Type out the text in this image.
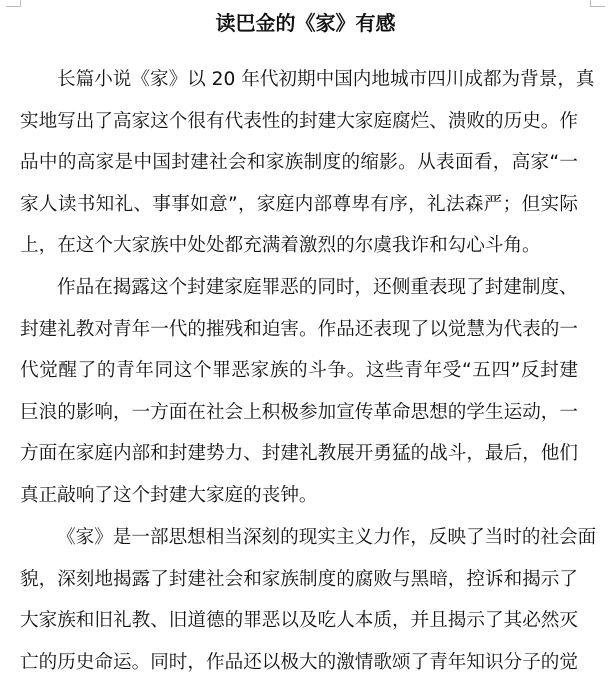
读巴金的《家》有感
长篇小说《家》以 20 年代初期中国内地城市四川成都为背景，真
实地写出了高家这个很有代表性的封建大家庭腐烂、溃败的历史。作
品中的高家是中国封建社会和家族制度的缩影。从表面看，高家“一
家人读书知礼、事事如意”，家庭内部尊卑有序，礼法森严；但实际
上，在这个大家族中处处都充满着激烈的尔虞我诈和勾心斗角。
作品在揭露这个封建家庭罪恶的同时，还侧重表现了封建制度、
封建礼教对青年一代的摧残和迫害。作品还表现了以觉慧为代表的一
代觉醒了的青年同这个罪恶家族的斗争。这些青年受“五四”反封建
巨浪的影响，一方面在社会上积极参加宣传革命思想的学生运动，一
方面在家庭内部和封建势力、封建礼教展开勇猛的战斗，最后，他们
真正敲响了这个封建大家庭的丧钟。
《家》是一部思想相当深刻的现实主义力作，反映了当时的社会面
貌，深刻地揭露了封建社会和家族制度的腐败与黑暗，控诉和揭示了
大家族和旧礼教、旧道德的罪恶以及吃人本质，并且揭示了其必然灭
亡的历史命运。同时，作品还以极大的激情歌颂了青年知识分子的觉
